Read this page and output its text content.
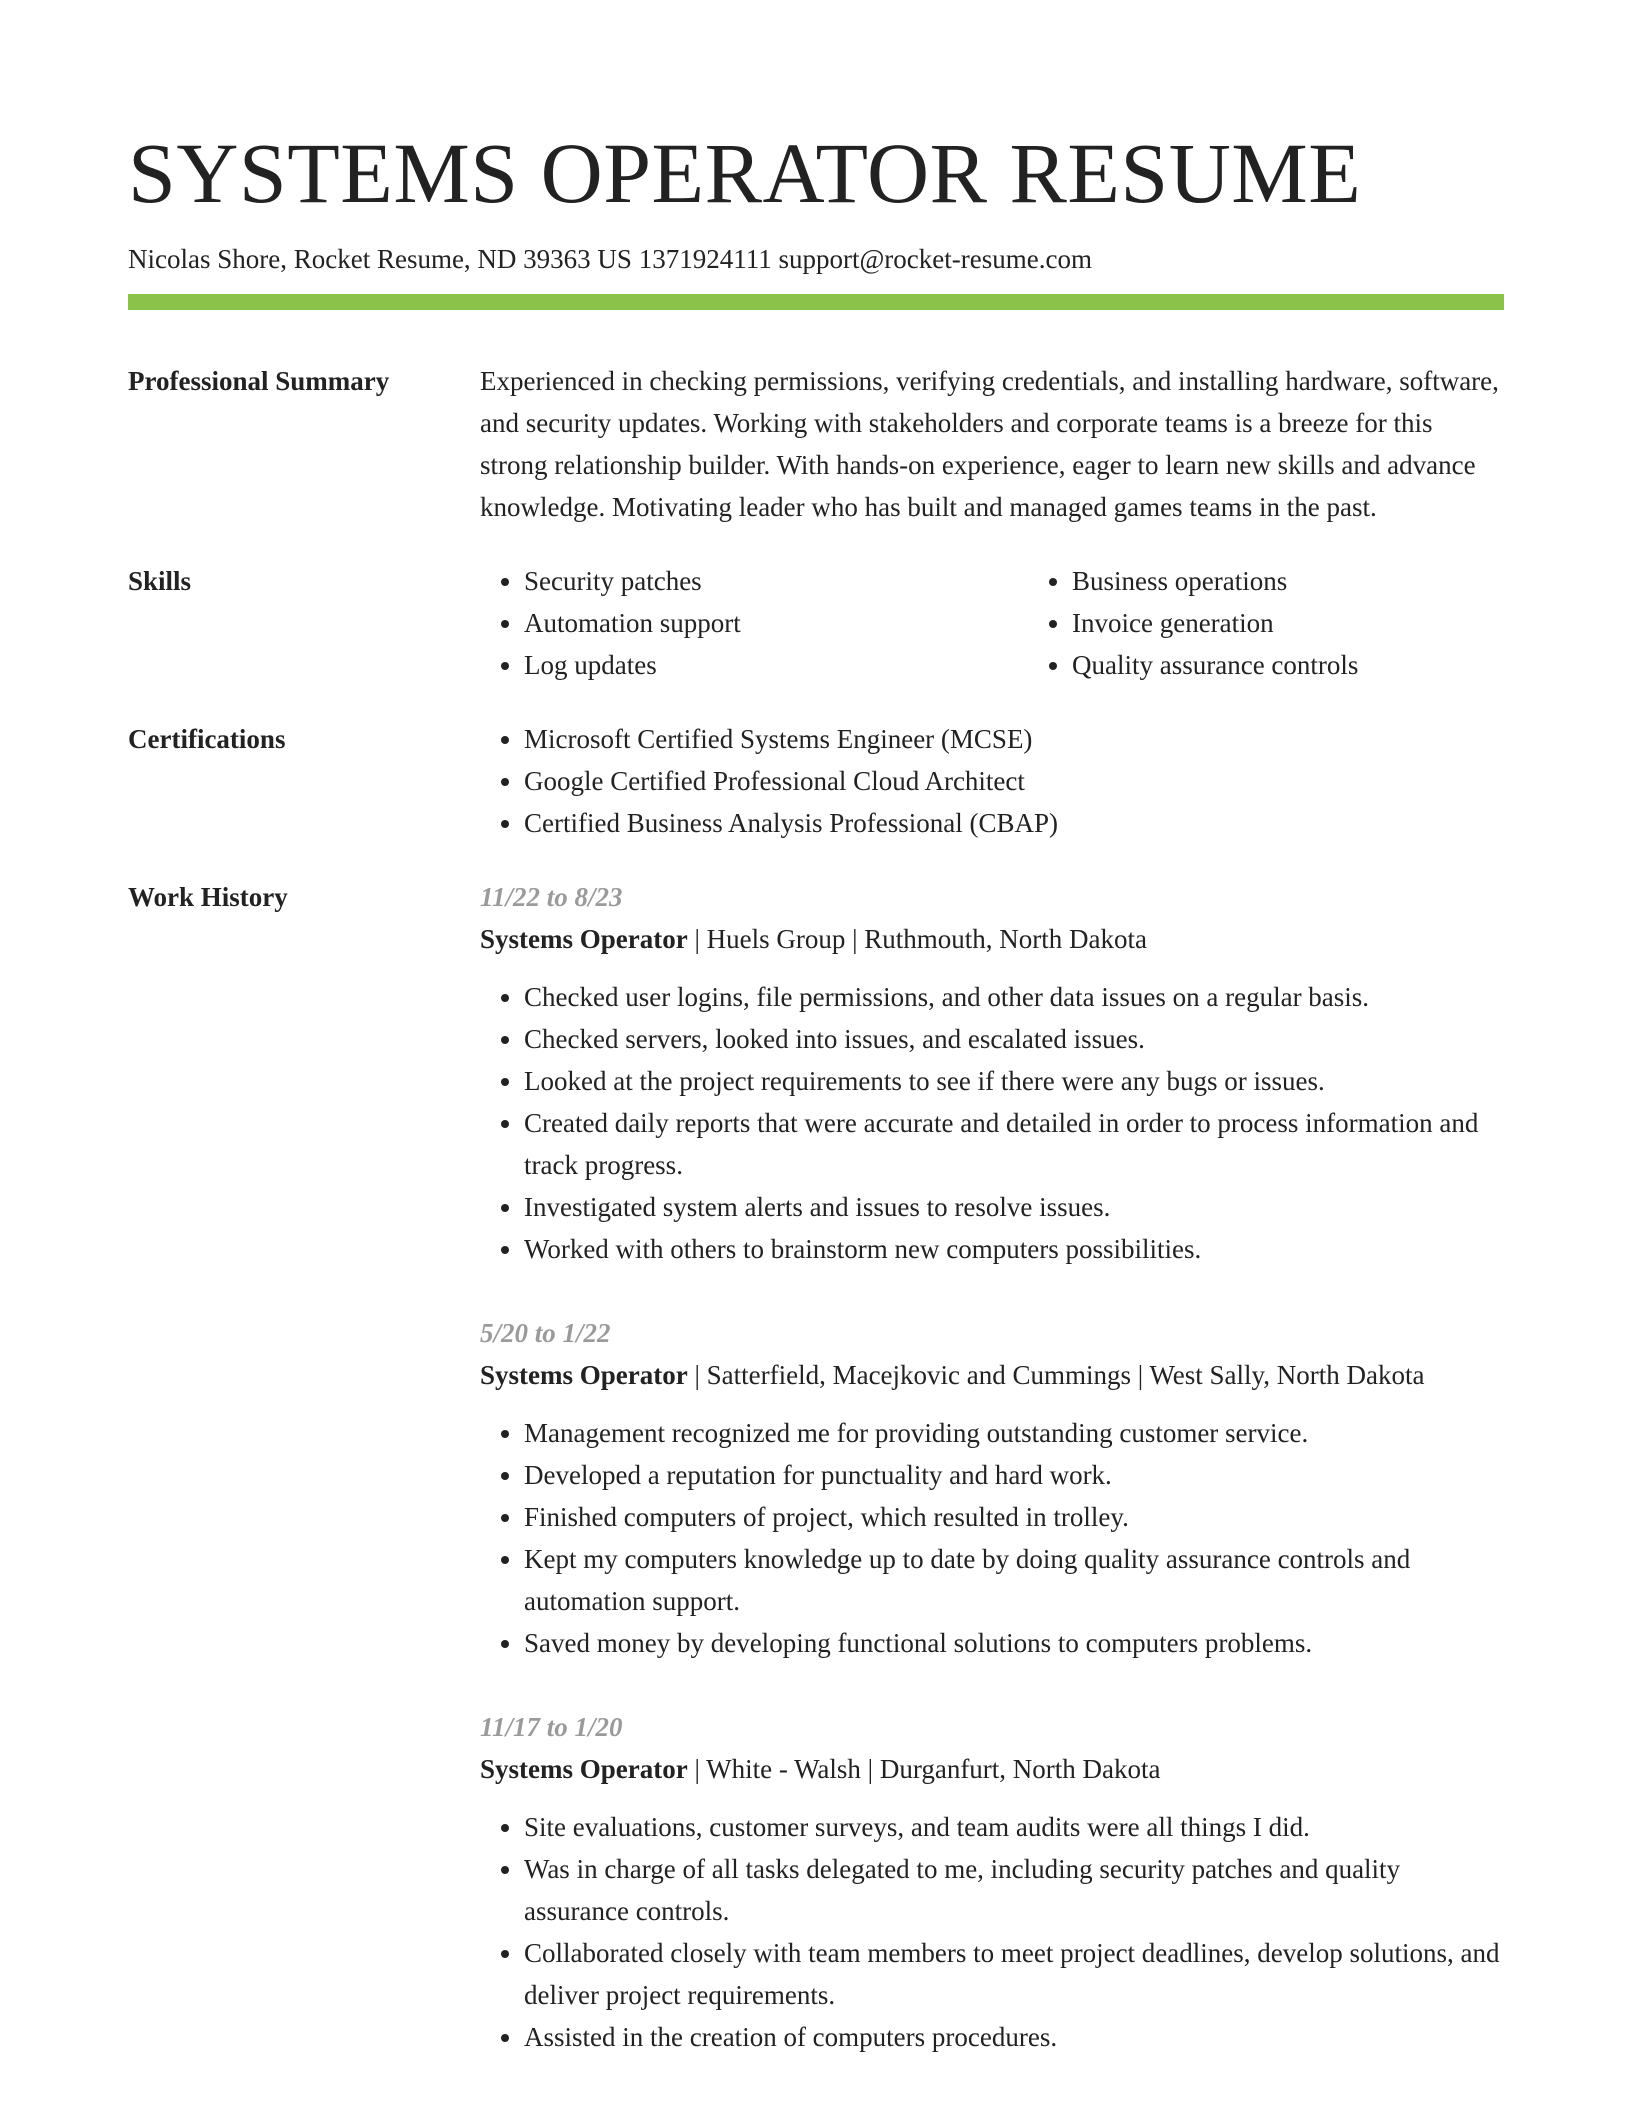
SYSTEMS OPERATOR RESUME
Nicolas Shore, Rocket Resume, ND 39363 US 1371924111 support@rocket-resume.com
Professional Summary	Experienced in checking permissions, verifying credentials, and installing hardware, software, and security updates. Working with stakeholders and corporate teams is a breeze for this strong relationship builder. With hands-on experience, eager to learn new skills and advance knowledge. Motivating leader who has built and managed games teams in the past.
Skills	• Security patches
• Automation support
• Log updates
• Business operations
• Invoice generation
• Quality assurance controls
Certifications	• Microsoft Certified Systems Engineer (MCSE)
• Google Certified Professional Cloud Architect
• Certified Business Analysis Professional (CBAP)
Work History	11/22 to 8/23
Systems Operator | Huels Group | Ruthmouth, North Dakota
• Checked user logins, file permissions, and other data issues on a regular basis.
• Checked servers, looked into issues, and escalated issues.
• Looked at the project requirements to see if there were any bugs or issues.
• Created daily reports that were accurate and detailed in order to process information and track progress.
• Investigated system alerts and issues to resolve issues.
• Worked with others to brainstorm new computers possibilities.
5/20 to 1/22
Systems Operator | Satterfield, Macejkovic and Cummings | West Sally, North Dakota
• Management recognized me for providing outstanding customer service.
• Developed a reputation for punctuality and hard work.
• Finished computers of project, which resulted in trolley.
• Kept my computers knowledge up to date by doing quality assurance controls and automation support.
• Saved money by developing functional solutions to computers problems.
11/17 to 1/20
Systems Operator | White - Walsh | Durganfurt, North Dakota
• Site evaluations, customer surveys, and team audits were all things I did.
• Was in charge of all tasks delegated to me, including security patches and quality assurance controls.
• Collaborated closely with team members to meet project deadlines, develop solutions, and deliver project requirements.
• Assisted in the creation of computers procedures.
